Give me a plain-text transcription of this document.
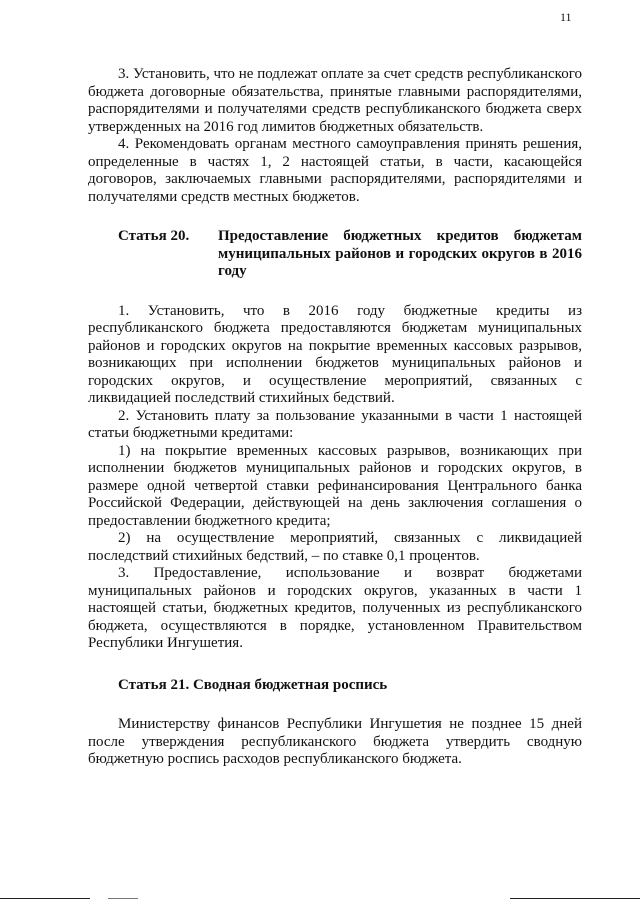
11

3. Установить, что не подлежат оплате за счет средств республиканского бюджета договорные обязательства, принятые главными распорядителями, распорядителями и получателями средств республиканского бюджета сверх утвержденных на 2016 год лимитов бюджетных обязательств.

4. Рекомендовать органам местного самоуправления принять решения, определенные в частях 1, 2 настоящей статьи, в части, касающейся договоров, заключаемых главными распорядителями, распорядителями и получателями средств местных бюджетов.

Статья 20.	Предоставление бюджетных кредитов бюджетам муниципальных районов и городских округов в 2016 году

1. Установить, что в 2016 году бюджетные кредиты из республиканского бюджета предоставляются бюджетам муниципальных районов и городских округов на покрытие временных кассовых разрывов, возникающих при исполнении бюджетов муниципальных районов и городских округов, и осуществление мероприятий, связанных с ликвидацией последствий стихийных бедствий.

2. Установить плату за пользование указанными в части 1 настоящей статьи бюджетными кредитами:

1) на покрытие временных кассовых разрывов, возникающих при исполнении бюджетов муниципальных районов и городских округов, в размере одной четвертой ставки рефинансирования Центрального банка Российской Федерации, действующей на день заключения соглашения о предоставлении бюджетного кредита;

2) на осуществление мероприятий, связанных с ликвидацией последствий стихийных бедствий, – по ставке 0,1 процентов.

3. Предоставление, использование и возврат бюджетами муниципальных районов и городских округов, указанных в части 1 настоящей статьи, бюджетных кредитов, полученных из республиканского бюджета, осуществляются в порядке, установленном Правительством Республики Ингушетия.

Статья 21. Сводная бюджетная роспись

Министерству финансов Республики Ингушетия не позднее 15 дней после утверждения республиканского бюджета утвердить сводную бюджетную роспись расходов республиканского бюджета.
